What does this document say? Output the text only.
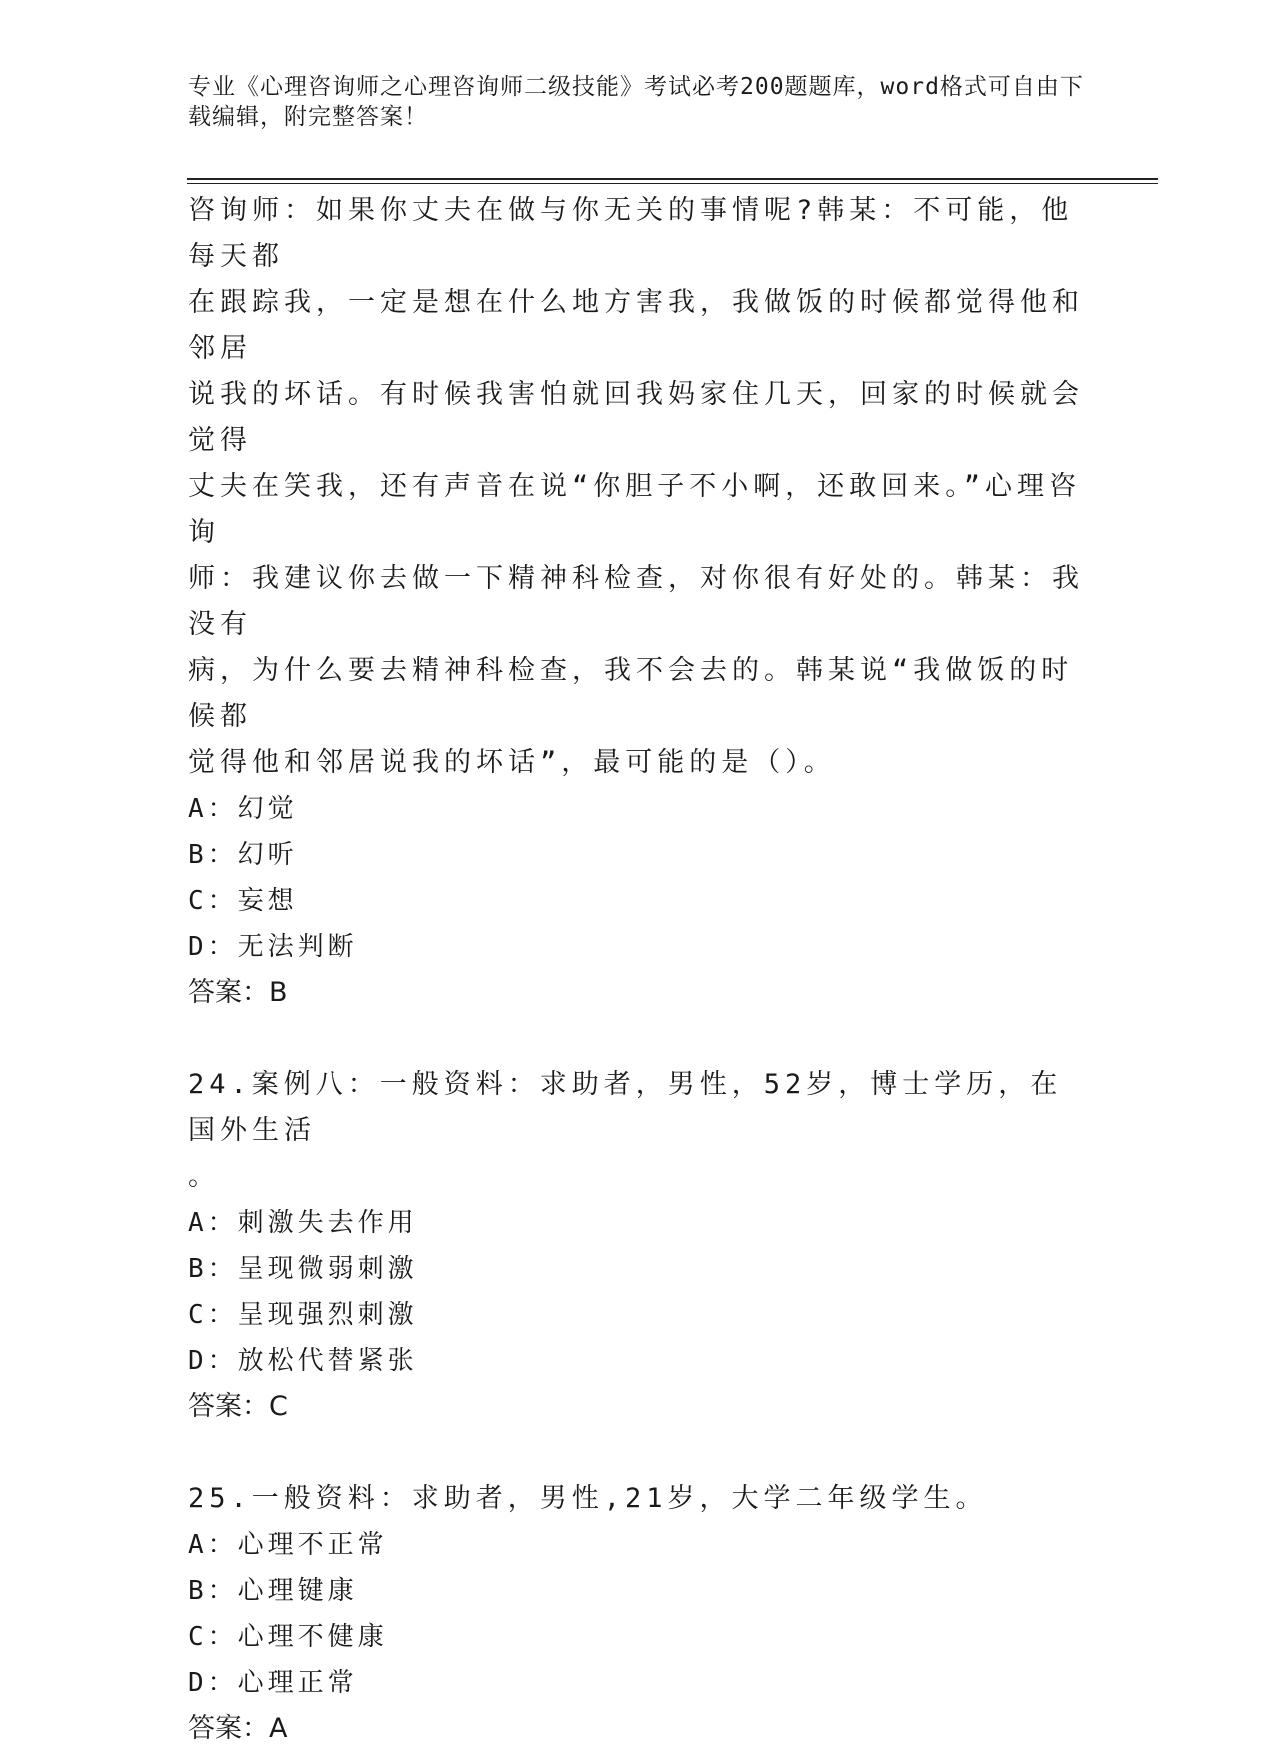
专业《心理咨询师之心理咨询师二级技能》考试必考200题题库，word格式可自由下载编辑，附完整答案！

咨询师：如果你丈夫在做与你无关的事情呢?韩某：不可能，他每天都
在跟踪我，一定是想在什么地方害我，我做饭的时候都觉得他和邻居
说我的坏话。有时候我害怕就回我妈家住几天，回家的时候就会觉得
丈夫在笑我，还有声音在说“你胆子不小啊，还敢回来。”心理咨询
师：我建议你去做一下精神科检查，对你很有好处的。韩某：我没有
病，为什么要去精神科检查，我不会去的。韩某说“我做饭的时候都
觉得他和邻居说我的坏话”，最可能的是（）。

A：幻觉

B：幻听

C：妄想

D：无法判断

答案：B

24.案例八：一般资料：求助者，男性，52岁，博士学历，在国外生活
。

A：刺激失去作用

B：呈现微弱刺激

C：呈现强烈刺激

D：放松代替紧张

答案：C

25.一般资料：求助者，男性,21岁，大学二年级学生。

A：心理不正常

B：心理键康

C：心理不健康

D：心理正常

答案：A
